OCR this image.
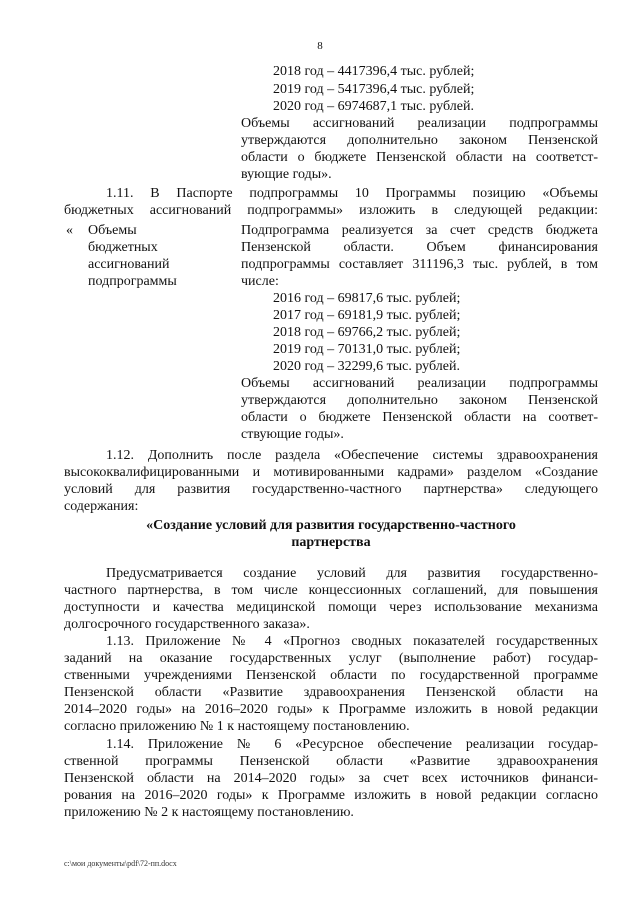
8
2018 год – 4417396,4 тыс. рублей;
2019 год – 5417396,4 тыс. рублей;
2020 год – 6974687,1 тыс. рублей.
Объемы ассигнований реализации подпрограммы
утверждаются дополнительно законом Пензенской
области о бюджете Пензенской области на соответст-
вующие годы».
1.11. В Паспорте подпрограммы 10 Программы позицию «Объемы
бюджетных ассигнований подпрограммы» изложить в следующей редакции:
« Объемы
бюджетных
ассигнований
подпрограммы
Подпрограмма реализуется за счет средств бюджета
Пензенской области. Объем финансирования
подпрограммы составляет 311196,3 тыс. рублей, в том
числе:
2016 год – 69817,6 тыс. рублей;
2017 год – 69181,9 тыс. рублей;
2018 год – 69766,2 тыс. рублей;
2019 год – 70131,0 тыс. рублей;
2020 год – 32299,6 тыс. рублей.
Объемы ассигнований реализации подпрограммы
утверждаются дополнительно законом Пензенской
области о бюджете Пензенской области на соответ-
ствующие годы».
1.12. Дополнить после раздела «Обеспечение системы здравоохранения
высококвалифицированными и мотивированными кадрами» разделом «Создание
условий для развития государственно-частного партнерства» следующего
содержания:
«Создание условий для развития государственно-частного
партнерства
Предусматривается создание условий для развития государственно-
частного партнерства, в том числе концессионных соглашений, для повышения
доступности и качества медицинской помощи через использование механизма
долгосрочного государственного заказа».
1.13. Приложение № 4 «Прогноз сводных показателей государственных
заданий на оказание государственных услуг (выполнение работ) государ-
ственными учреждениями Пензенской области по государственной программе
Пензенской области «Развитие здравоохранения Пензенской области на
2014–2020 годы» на 2016–2020 годы» к Программе изложить в новой редакции
согласно приложению № 1 к настоящему постановлению.
1.14. Приложение № 6 «Ресурсное обеспечение реализации государ-
ственной программы Пензенской области «Развитие здравоохранения
Пензенской области на 2014–2020 годы» за счет всех источников финанси-
рования на 2016–2020 годы» к Программе изложить в новой редакции согласно
приложению № 2 к настоящему постановлению.
c:\мои документы\pdf\72-пп.docx
